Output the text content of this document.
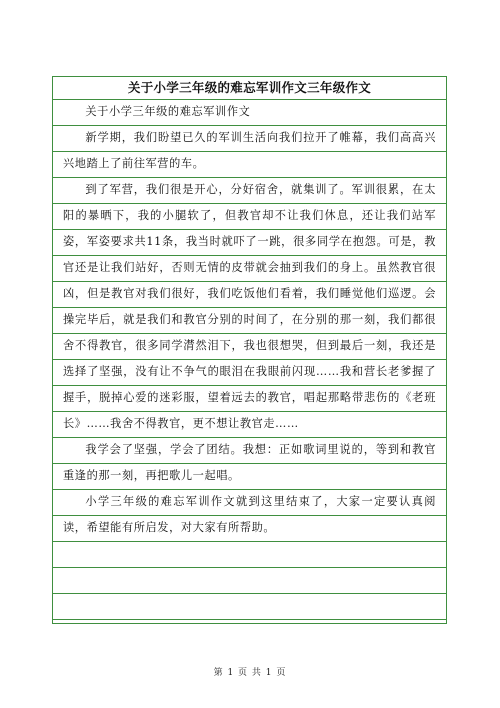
关于小学三年级的难忘军训作文三年级作文

关于小学三年级的难忘军训作文

新学期，我们盼望已久的军训生活向我们拉开了帷幕，我们高高兴兴地踏上了前往军营的车。

到了军营，我们很是开心，分好宿舍，就集训了。军训很累，在太阳的暴晒下，我的小腿软了，但教官却不让我们休息，还让我们站军姿，军姿要求共11条，我当时就吓了一跳，很多同学在抱怨。可是，教官还是让我们站好，否则无情的皮带就会抽到我们的身上。虽然教官很凶，但是教官对我们很好，我们吃饭他们看着，我们睡觉他们巡逻。会操完毕后，就是我们和教官分别的时间了，在分别的那一刻，我们都很舍不得教官，很多同学潸然泪下，我也很想哭，但到最后一刻，我还是选择了坚强，没有让不争气的眼泪在我眼前闪现……我和营长老爹握了握手，脱掉心爱的迷彩服，望着远去的教官，唱起那略带悲伤的《老班长》……我舍不得教官，更不想让教官走……

我学会了坚强，学会了团结。我想：正如歌词里说的，等到和教官重逢的那一刻，再把歌儿一起唱。

小学三年级的难忘军训作文就到这里结束了，大家一定要认真阅读，希望能有所启发，对大家有所帮助。

第 1 页 共 1 页
